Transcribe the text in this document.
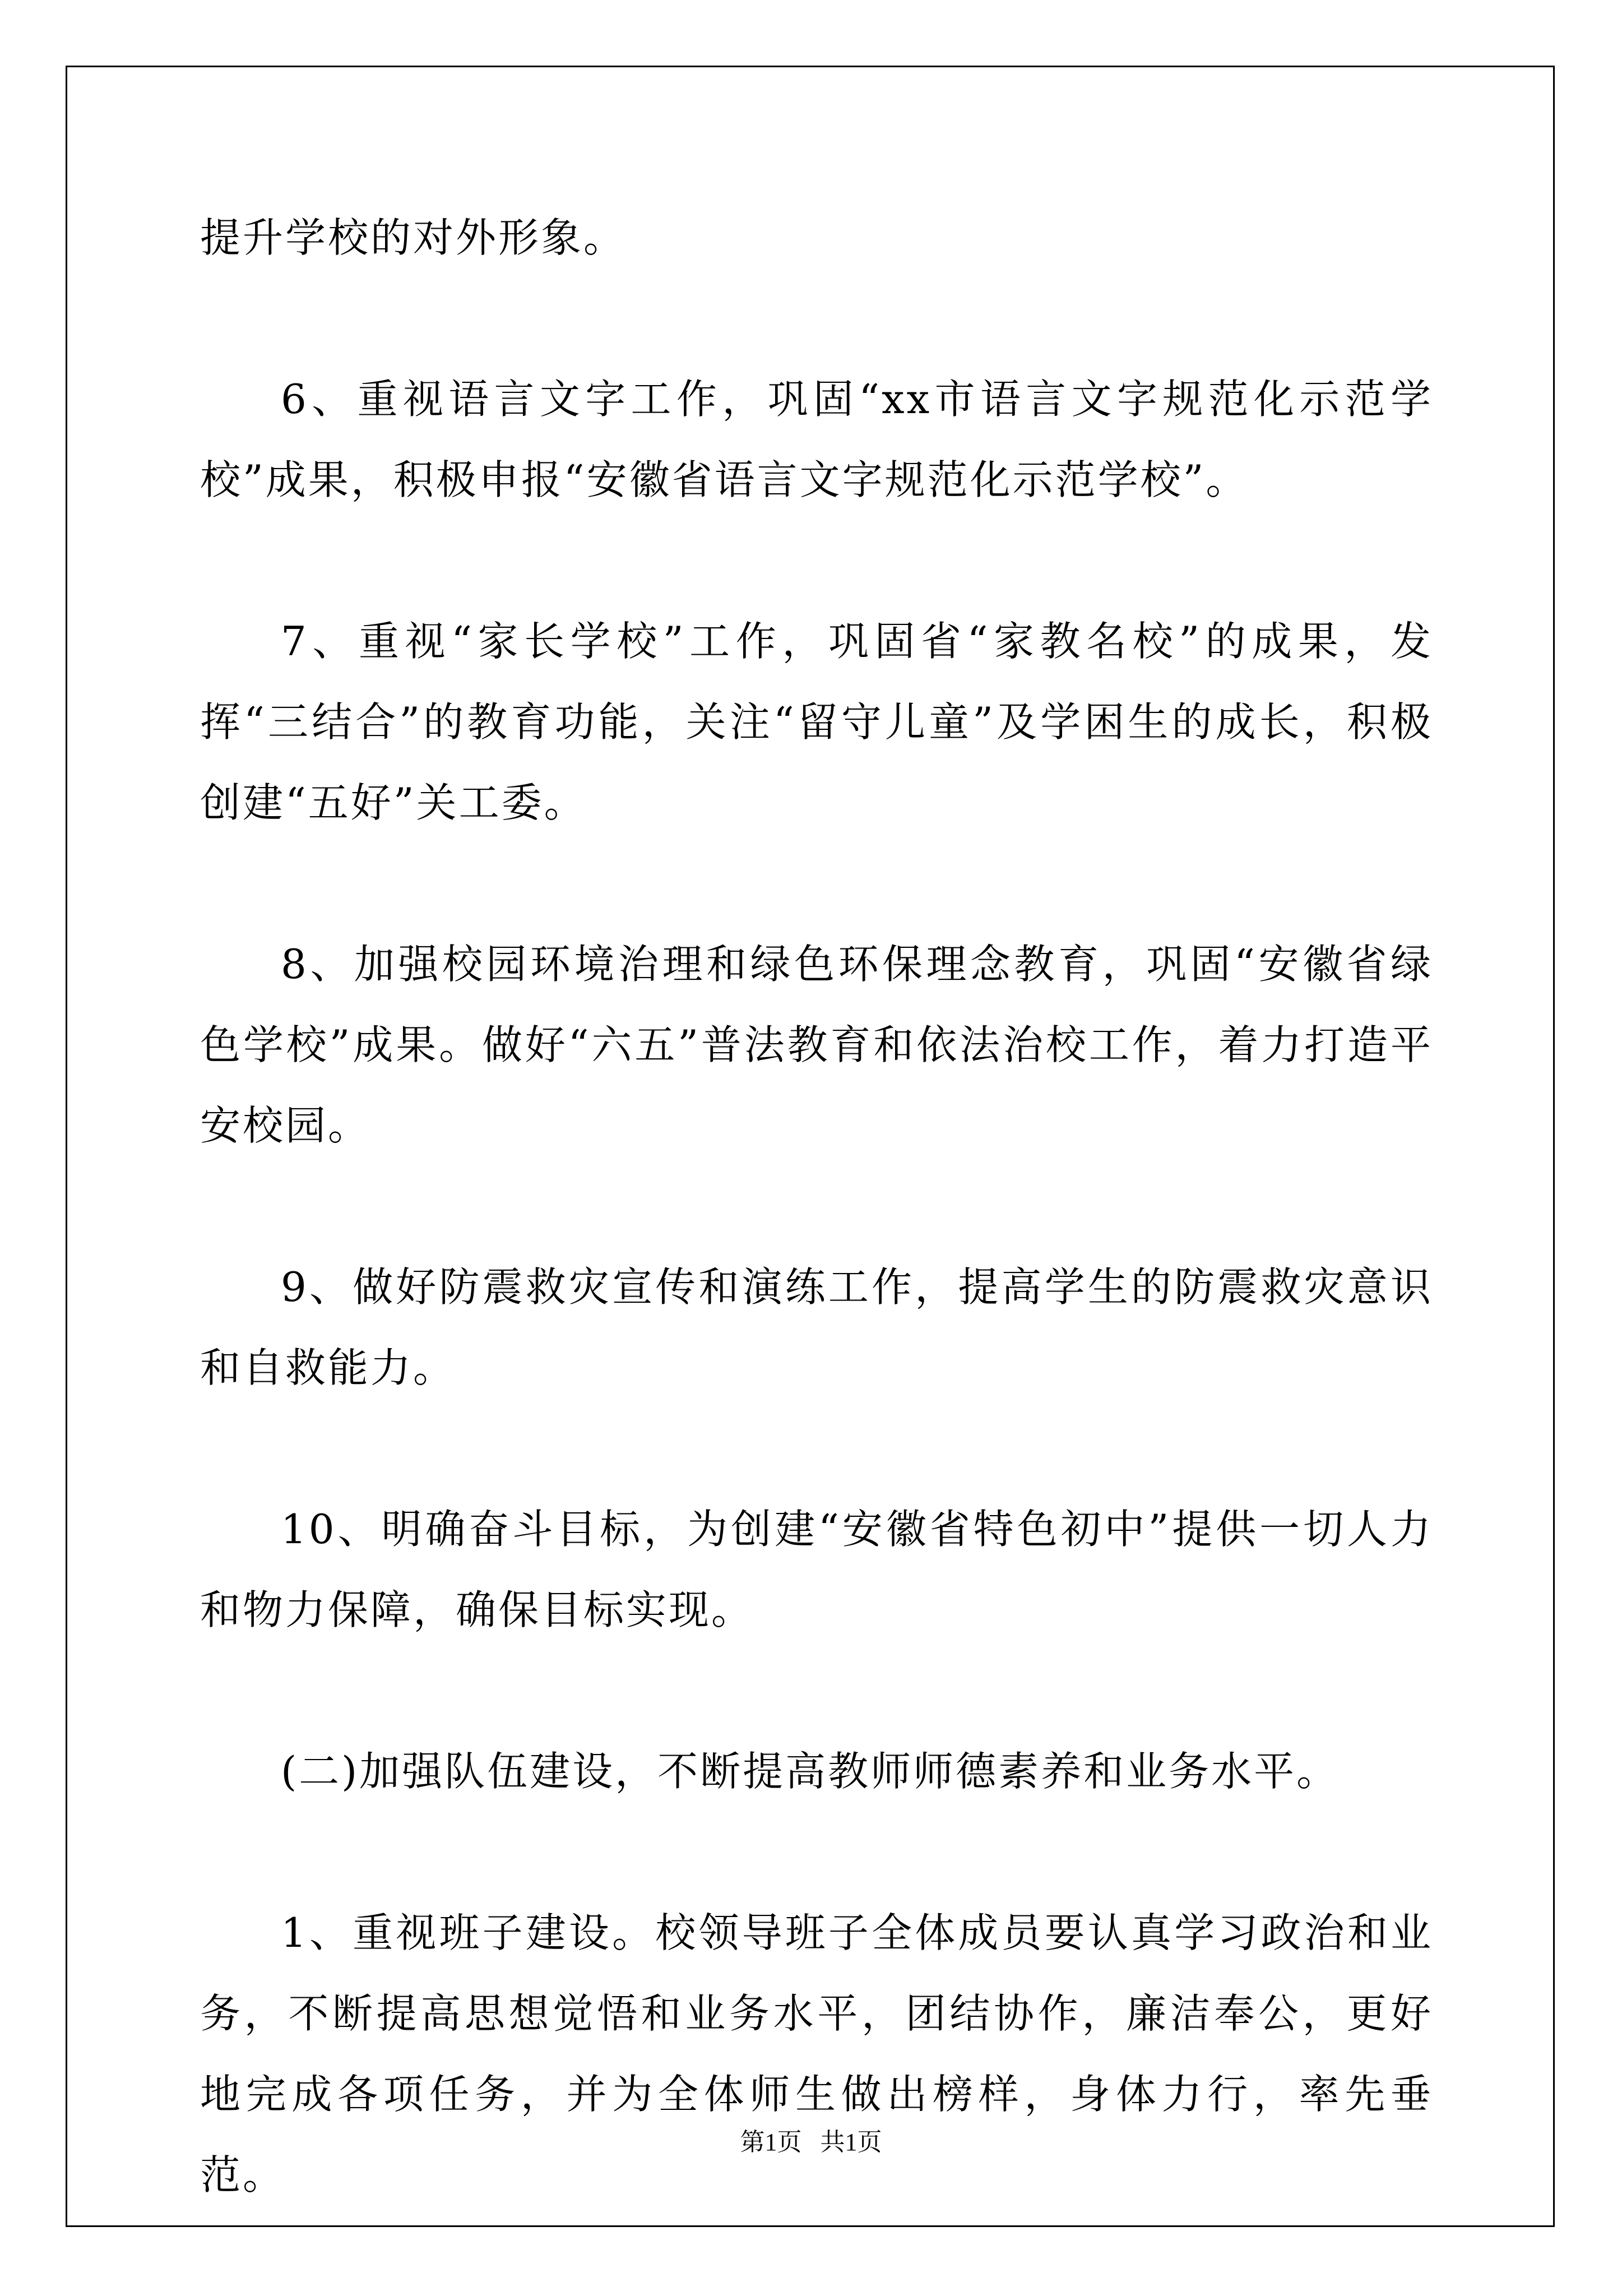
提升学校的对外形象。

6、重视语言文字工作，巩固“xx市语言文字规范化示范学校”成果，积极申报“安徽省语言文字规范化示范学校”。

7、重视“家长学校”工作，巩固省“家教名校”的成果，发挥“三结合”的教育功能，关注“留守儿童”及学困生的成长，积极创建“五好”关工委。

8、加强校园环境治理和绿色环保理念教育，巩固“安徽省绿色学校”成果。做好“六五”普法教育和依法治校工作，着力打造平安校园。

9、做好防震救灾宣传和演练工作，提高学生的防震救灾意识和自救能力。

10、明确奋斗目标，为创建“安徽省特色初中”提供一切人力和物力保障，确保目标实现。

(二)加强队伍建设，不断提高教师师德素养和业务水平。

1、重视班子建设。校领导班子全体成员要认真学习政治和业务，不断提高思想觉悟和业务水平，团结协作，廉洁奉公，更好地完成各项任务，并为全体师生做出榜样，身体力行，率先垂范。

第1页   共1页
